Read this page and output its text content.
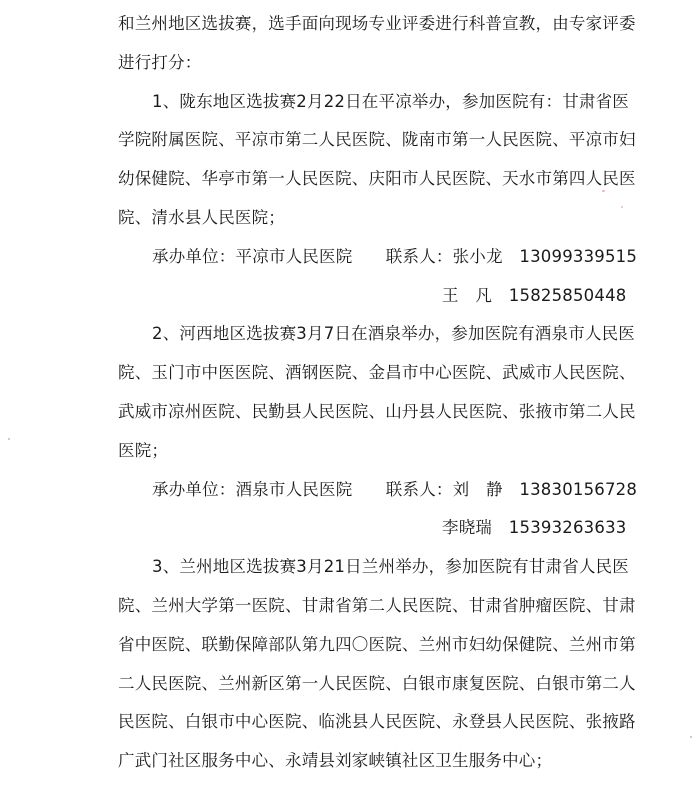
和兰州地区选拔赛，选手面向现场专业评委进行科普宣教，由专家评委
进行打分：
1、陇东地区选拔赛2月22日在平凉举办，参加医院有：甘肃省医
学院附属医院、平凉市第二人民医院、陇南市第一人民医院、平凉市妇
幼保健院、华亭市第一人民医院、庆阳市人民医院、天水市第四人民医
院、清水县人民医院；
承办单位：平凉市人民医院　　联系人：张小龙　13099339515
王　凡　15825850448
2、河西地区选拔赛3月7日在酒泉举办，参加医院有酒泉市人民医
院、玉门市中医医院、酒钢医院、金昌市中心医院、武威市人民医院、
武威市凉州医院、民勤县人民医院、山丹县人民医院、张掖市第二人民
医院；
承办单位：酒泉市人民医院　　联系人：刘　静　13830156728
李晓瑞　15393263633
3、兰州地区选拔赛3月21日兰州举办，参加医院有甘肃省人民医
院、兰州大学第一医院、甘肃省第二人民医院、甘肃省肿瘤医院、甘肃
省中医院、联勤保障部队第九四〇医院、兰州市妇幼保健院、兰州市第
二人民医院、兰州新区第一人民医院、白银市康复医院、白银市第二人
民医院、白银市中心医院、临洮县人民医院、永登县人民医院、张掖路
广武门社区服务中心、永靖县刘家峡镇社区卫生服务中心；
